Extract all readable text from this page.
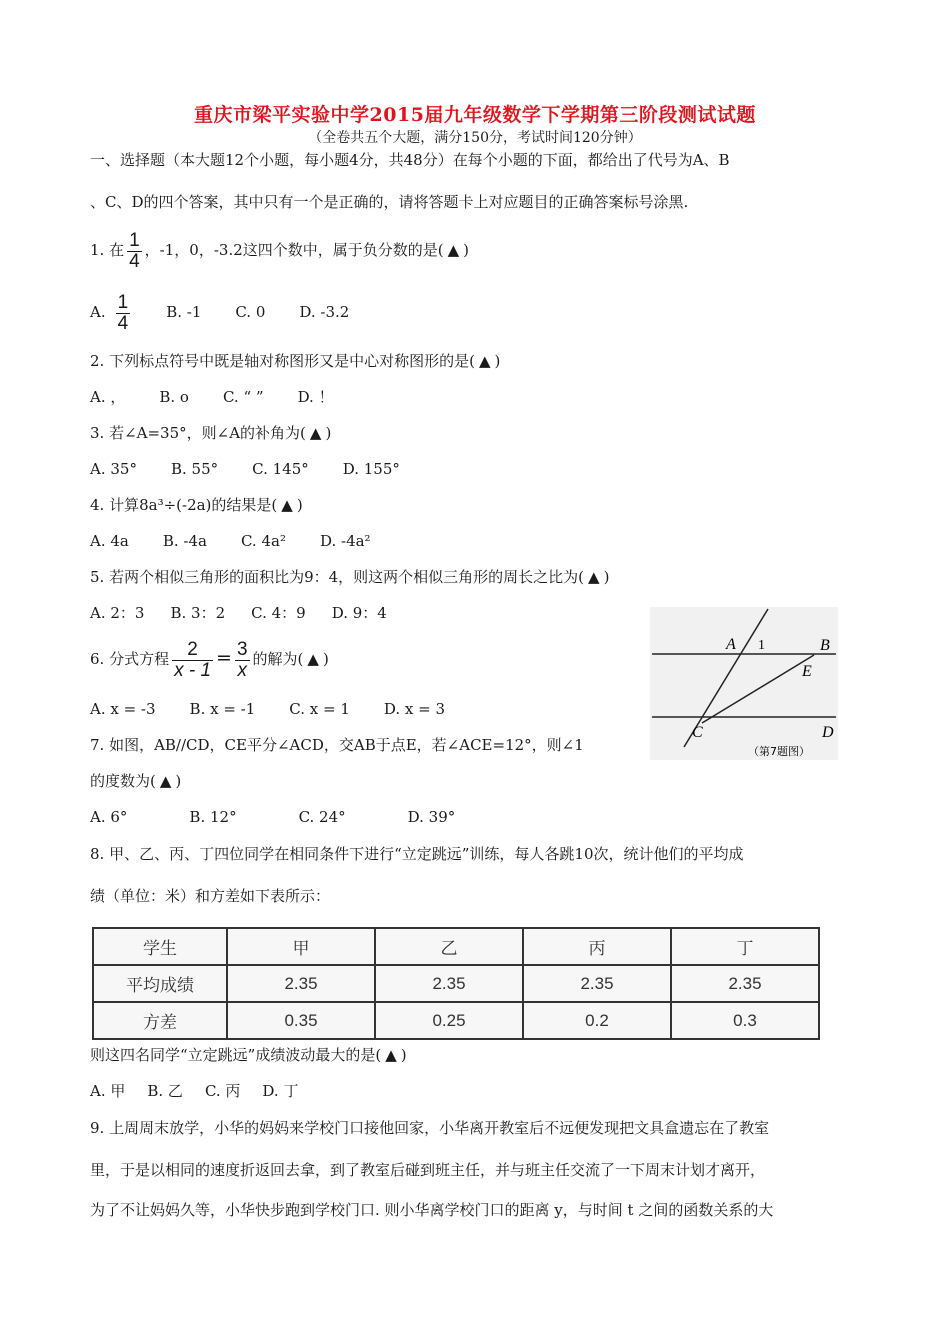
重庆市梁平实验中学2015届九年级数学下学期第三阶段测试试题
（全卷共五个大题，满分150分，考试时间120分钟）
一、选择题（本大题12个小题，每小题4分，共48分）在每个小题的下面，都给出了代号为A、B
、C、D的四个答案，其中只有一个是正确的，请将答题卡上对应题目的正确答案标号涂黑.
1. 在 $\frac{1}{4}$ ，-1，0，-3.2这四个数中，属于负分数的是( ▲ )
A. $\frac{1}{4} B$. -1 C. 0 D. -3.2
2. 下列标点符号中既是轴对称图形又是中心对称图形的是( ▲ )
A. ， B. o C. “ ” D. ！
3. 若∠A=35°，则∠A的补角为( ▲ )
A. 35° B. 55° C. 145° D. 155°
4. 计算8a³÷(-2a)的结果是( ▲ )
A. 4a B. -4a C. 4a² D. -4a²
5. 若两个相似三角形的面积比为9：4，则这两个相似三角形的周长之比为( ▲ )
A. 2：3 B. 3：2 C. 4：9 D. 9：4
6. 分式方程 $\frac{2}{x - 1} = \frac{3}{x}$ 的解为( ▲ )
A. x = -3 B. x = -1 C. x = 1 D. x = 3
7. 如图，AB//CD，CE平分∠ACD，交AB于点E，若∠ACE=12°，则∠1
的度数为( ▲ )
A. 6°	B. 12°	C. 24°	D. 39°
A 1	B
E
C	D
（第7题图）
8. 甲、乙、丙、丁四位同学在相同条件下进行“立定跳远”训练，每人各跳10次，统计他们的平均成
绩（单位：米）和方差如下表所示：
学生	甲	乙	丙	丁
平均成绩	2.35	2.35	2.35	2.35
方差	0.35	0.25	0.2	0.3
则这四名同学“立定跳远”成绩波动最大的是( ▲ )
A. 甲 B. 乙 C. 丙 D. 丁
9. 上周周末放学，小华的妈妈来学校门口接他回家，小华离开教室后不远便发现把文具盒遗忘在了教室
里，于是以相同的速度折返回去拿，到了教室后碰到班主任，并与班主任交流了一下周末计划才离开，
为了不让妈妈久等，小华快步跑到学校门口. 则小华离学校门口的距离 y，与时间 t 之间的函数关系的大
